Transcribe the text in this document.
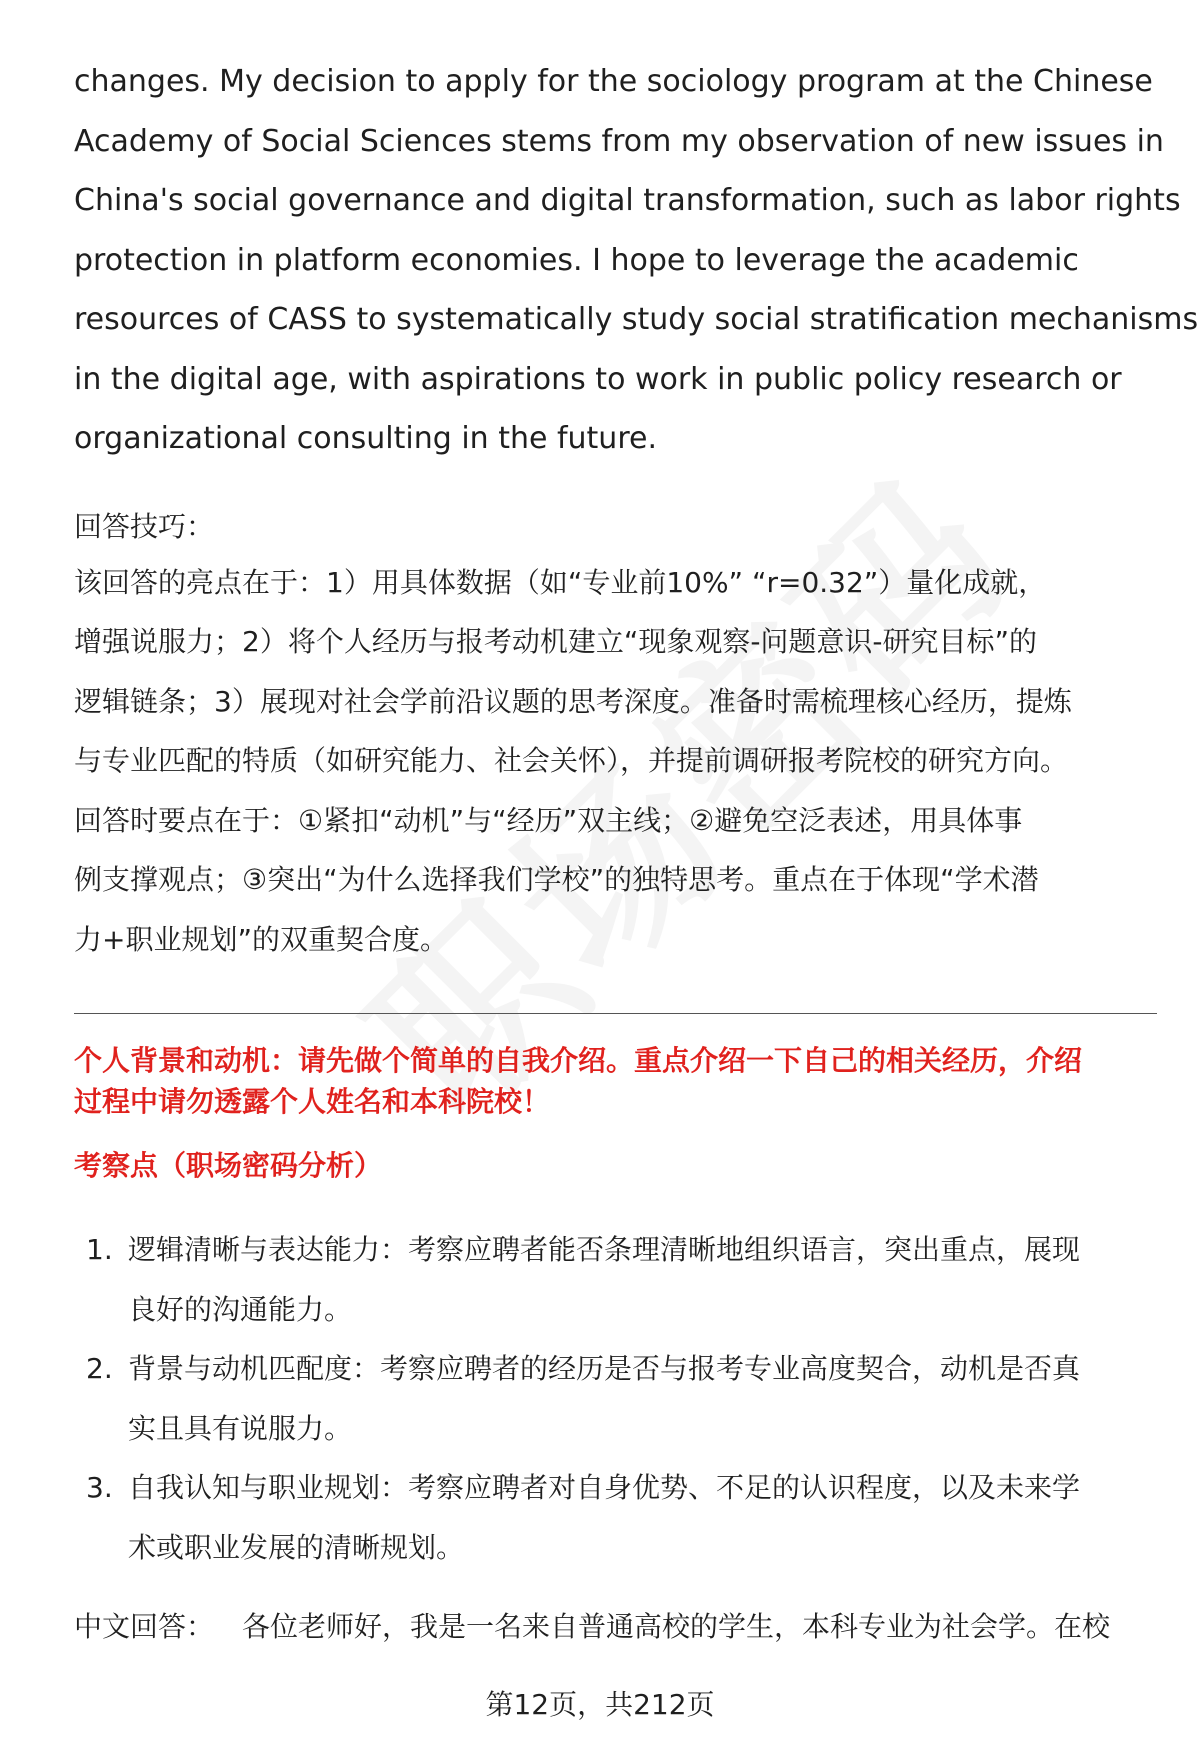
changes. My decision to apply for the sociology program at the Chinese
Academy of Social Sciences stems from my observation of new issues in
China's social governance and digital transformation, such as labor rights
protection in platform economies. I hope to leverage the academic
resources of CASS to systematically study social stratification mechanisms
in the digital age, with aspirations to work in public policy research or
organizational consulting in the future.

回答技巧：

该回答的亮点在于：1）用具体数据（如“专业前10%” “r=0.32”）量化成就，
增强说服力；2）将个人经历与报考动机建立“现象观察-问题意识-研究目标”的
逻辑链条；3）展现对社会学前沿议题的思考深度。准备时需梳理核心经历，提炼
与专业匹配的特质（如研究能力、社会关怀），并提前调研报考院校的研究方向。
回答时要点在于：①紧扣“动机”与“经历”双主线；②避免空泛表述，用具体事
例支撑观点；③突出“为什么选择我们学校”的独特思考。重点在于体现“学术潜
力+职业规划”的双重契合度。

个人背景和动机：请先做个简单的自我介绍。重点介绍一下自己的相关经历，介绍
过程中请勿透露个人姓名和本科院校！
考察点（职场密码分析）
1. 逻辑清晰与表达能力：考察应聘者能否条理清晰地组织语言，突出重点，展现
良好的沟通能力。
2. 背景与动机匹配度：考察应聘者的经历是否与报考专业高度契合，动机是否真
实且具有说服力。
3. 自我认知与职业规划：考察应聘者对自身优势、不足的认识程度，以及未来学
术或职业发展的清晰规划。
中文回答： 各位老师好，我是一名来自普通高校的学生，本科专业为社会学。在校
第12页，共212页
